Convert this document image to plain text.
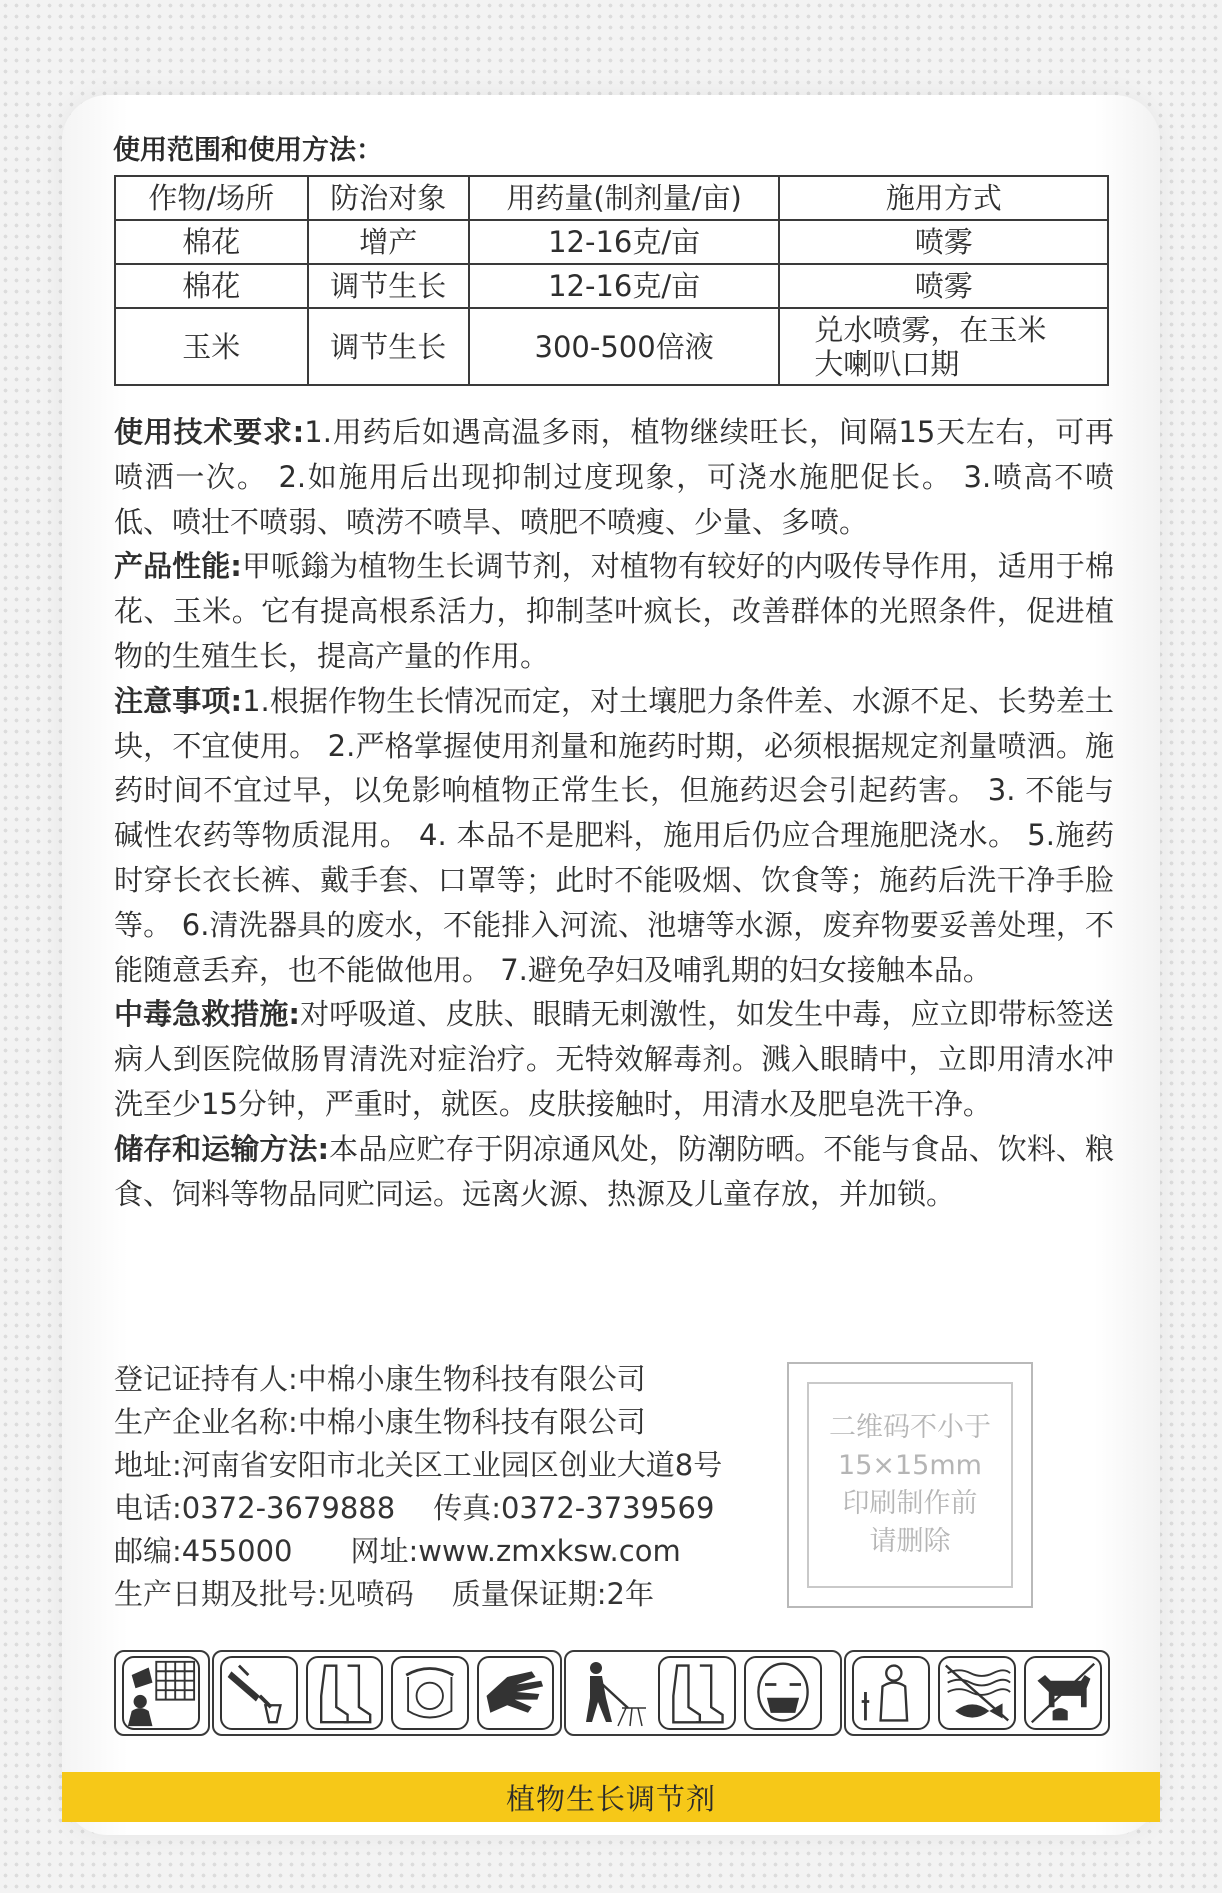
使用范围和使用方法：
作物/场所	防治对象	用药量(制剂量/亩)	施用方式
棉花	增产	12-16克/亩	喷雾
棉花	调节生长	12-16克/亩	喷雾
玉米	调节生长	300-500倍液	兑水喷雾，在玉米
大喇叭口期

使用技术要求:1.用药后如遇高温多雨，植物继续旺长，间隔15天左右，可再喷洒一次。 2.如施用后出现抑制过度现象，可浇水施肥促长。 3.喷高不喷低、喷壮不喷弱、喷涝不喷旱、喷肥不喷瘦、少量、多喷。

产品性能:甲哌鎓为植物生长调节剂，对植物有较好的内吸传导作用，适用于棉花、玉米。它有提高根系活力，抑制茎叶疯长，改善群体的光照条件，促进植物的生殖生长，提高产量的作用。

注意事项:1.根据作物生长情况而定，对土壤肥力条件差、水源不足、长势差土块，不宜使用。 2.严格掌握使用剂量和施药时期，必须根据规定剂量喷洒。施药时间不宜过早，以免影响植物正常生长，但施药迟会引起药害。 3. 不能与碱性农药等物质混用。 4. 本品不是肥料，施用后仍应合理施肥浇水。 5.施药时穿长衣长裤、戴手套、口罩等；此时不能吸烟、饮食等；施药后洗干净手脸等。 6.清洗器具的废水，不能排入河流、池塘等水源，废弃物要妥善处理，不能随意丢弃，也不能做他用。 7.避免孕妇及哺乳期的妇女接触本品。

中毒急救措施:对呼吸道、皮肤、眼睛无刺激性，如发生中毒，应立即带标签送病人到医院做肠胃清洗对症治疗。无特效解毒剂。溅入眼睛中，立即用清水冲洗至少15分钟，严重时，就医。皮肤接触时，用清水及肥皂洗干净。

储存和运输方法:本品应贮存于阴凉通风处，防潮防晒。不能与食品、饮料、粮食、饲料等物品同贮同运。远离火源、热源及儿童存放，并加锁。

登记证持有人:中棉小康生物科技有限公司
生产企业名称:中棉小康生物科技有限公司
地址:河南省安阳市北关区工业园区创业大道8号
电话:0372-3679888 传真:0372-3739569
邮编:455000 网址:www.zmxksw.com
生产日期及批号:见喷码 质量保证期:2年
二维码不小于
15×15mm
印刷制作前
请删除
植物生长调节剂
